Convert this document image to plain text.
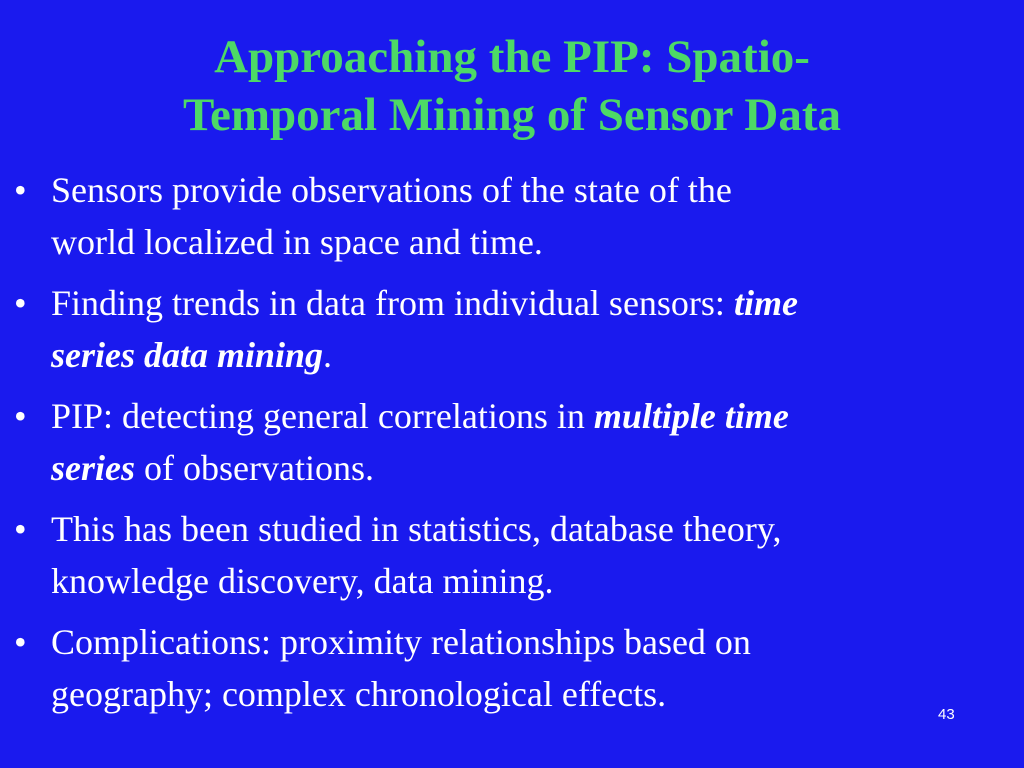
Approaching the PIP: Spatio-
Temporal Mining of Sensor Data
• Sensors provide observations of the state of the
world localized in space and time.
• Finding trends in data from individual sensors: time
series data mining.
• PIP: detecting general correlations in multiple time
series of observations.
• This has been studied in statistics, database theory,
knowledge discovery, data mining.
• Complications: proximity relationships based on
geography; complex chronological effects.
43
